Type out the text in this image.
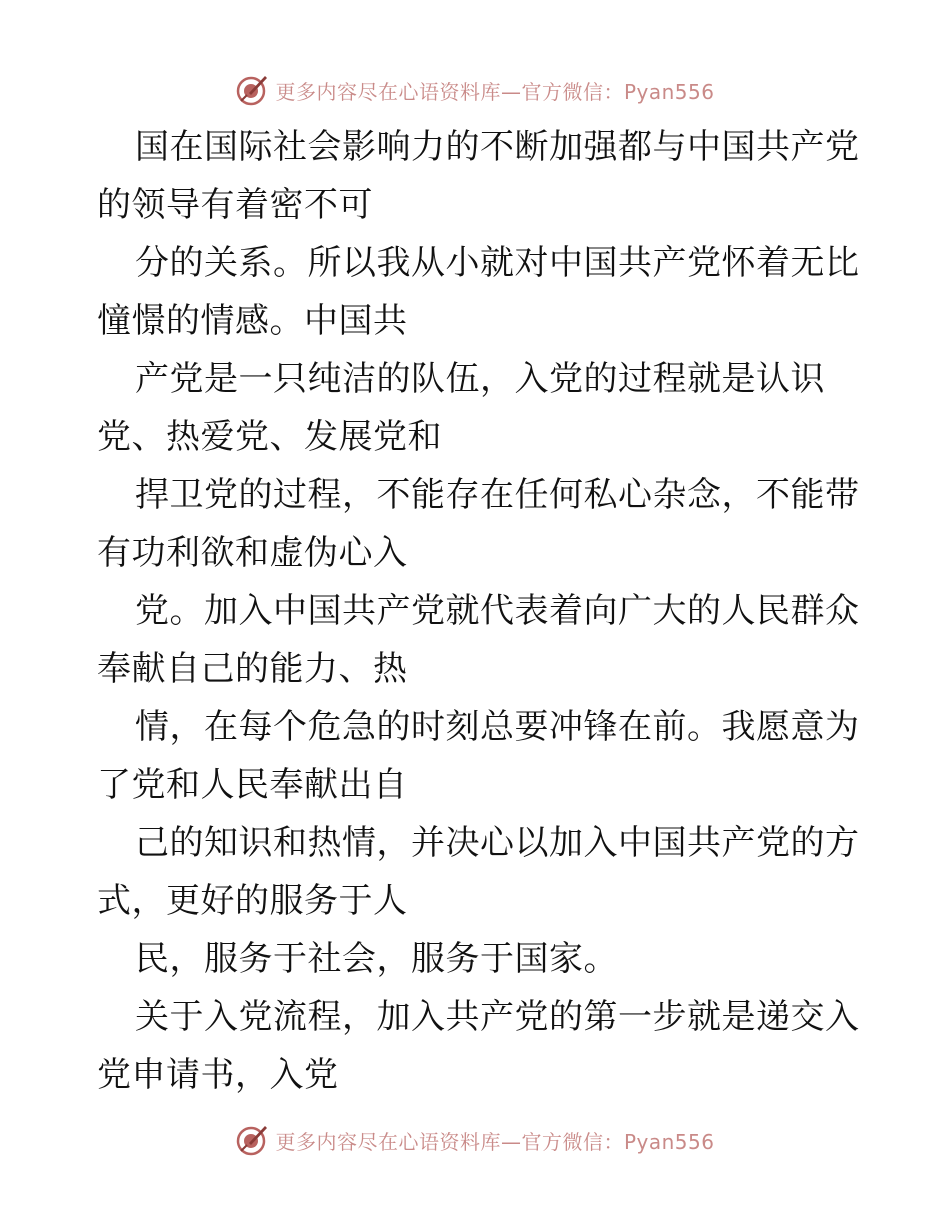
更多内容尽在心语资料库—官方微信：Pyan556
国在国际社会影响力的不断加强都与中国共产党
的领导有着密不可
分的关系。所以我从小就对中国共产党怀着无比
憧憬的情感。中国共
产党是一只纯洁的队伍，入党的过程就是认识
党、热爱党、发展党和
捍卫党的过程，不能存在任何私心杂念，不能带
有功利欲和虚伪心入
党。加入中国共产党就代表着向广大的人民群众
奉献自己的能力、热
情，在每个危急的时刻总要冲锋在前。我愿意为
了党和人民奉献出自
己的知识和热情，并决心以加入中国共产党的方
式，更好的服务于人
民，服务于社会，服务于国家。
关于入党流程，加入共产党的第一步就是递交入
党申请书，入党
更多内容尽在心语资料库—官方微信：Pyan556
